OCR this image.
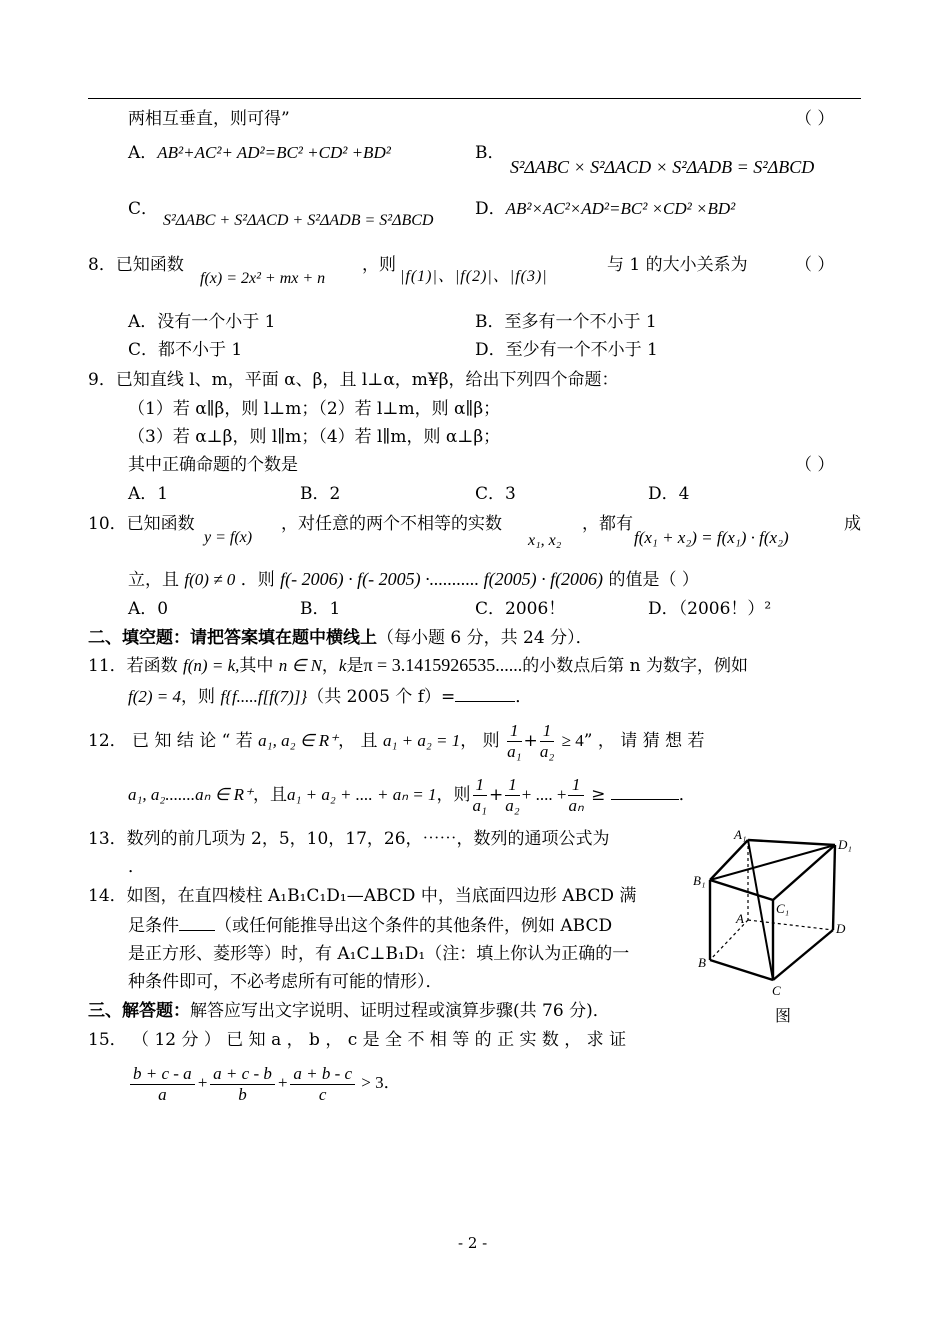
两相互垂直，则可得”	（ ）
A．AB²+AC²+ AD²=BC² +CD² +BD²	B．
S²ΔABC × S²ΔACD × S²ΔADB = S²ΔBCD
C．
S²ΔABC + S²ΔACD + S²ΔADB = S²ΔBCD
D．AB²×AC²×AD²=BC² ×CD² ×BD²
8．已知函数
f(x) = 2x² + mx + n
，则
|f(1)|、|f(2)|、|f(3)|
与 1 的大小关系为	（ ）
A．没有一个小于 1	B．至多有一个不小于 1
C．都不小于 1	D．至少有一个不小于 1
9．已知直线 l、m，平面 α、β，且 l⊥α，m¥β，给出下列四个命题：
（1）若 α∥β，则 l⊥m；（2）若 l⊥m，则 α∥β；
（3）若 α⊥β，则 l∥m；（4）若 l∥m，则 α⊥β；
其中正确命题的个数是	（ ）
A．1	B．2	C．3	D．4
10．已知函数
y = f(x)
，对任意的两个不相等的实数
x₁, x₂
，都有
f(x₁ + x₂) = f(x₁) · f(x₂)
成
立，且 f(0) ≠ 0 ．则 f(- 2006) · f(- 2005) ·........... f(2005) · f(2006) 的值是（ ）
A．0	B．1	C．2006！	D．（2006！）²
二、填空题：请把答案填在题中横线上（每小题 6 分，共 24 分）．
11．若函数 f(n) = k,其中 n ∈ N，k是π = 3.1415926535......的小数点后第 n 为数字，例如
f(2) = 4，则 f{f.....f[f(7)]}（共 2005 个 f）=	．
12． 已 知 结 论 “ 若 a₁, a₂ ∈ R⁺， 且 a₁ + a₂ = 1， 则 $\frac{1}{\text{a₁}} + \frac{1}{\text{a₂}} \ge 4$” ， 请 猜 想 若
a₁, a₂.......aₙ ∈ R⁺，且a₁ + a₂ + .... + aₙ = 1，则 $\frac{1}{\text{a₁}} + \frac{1}{\text{a₂}}$ + .... + $\frac{1}{\text{aₙ}}$ ≥	．
13．数列的前几项为 2，5，10，17，26，⋯⋯，数列的通项公式为
．
14．如图，在直四棱柱 A₁B₁C₁D₁—ABCD 中，当底面四边形 ABCD 满
足条件 （或任何能推导出这个条件的其他条件，例如 ABCD
是正方形、菱形等）时，有 A₁C⊥B₁D₁（注：填上你认为正确的一
种条件即可，不必考虑所有可能的情形）．
A₁
D₁
B₁
C₁
A
D
B
C
图
三、解答题：解答应写出文字说明、证明过程或演算步骤(共 76 分)．
15． （ 12 分 ） 已 知 a ， b ， c 是 全 不 相 等 的 正 实 数 ， 求 证
$\frac{b + c - a}{a} + \frac{a + c - b}{b} + \frac{a + b - c}{c} > 3$．
- 2 -
